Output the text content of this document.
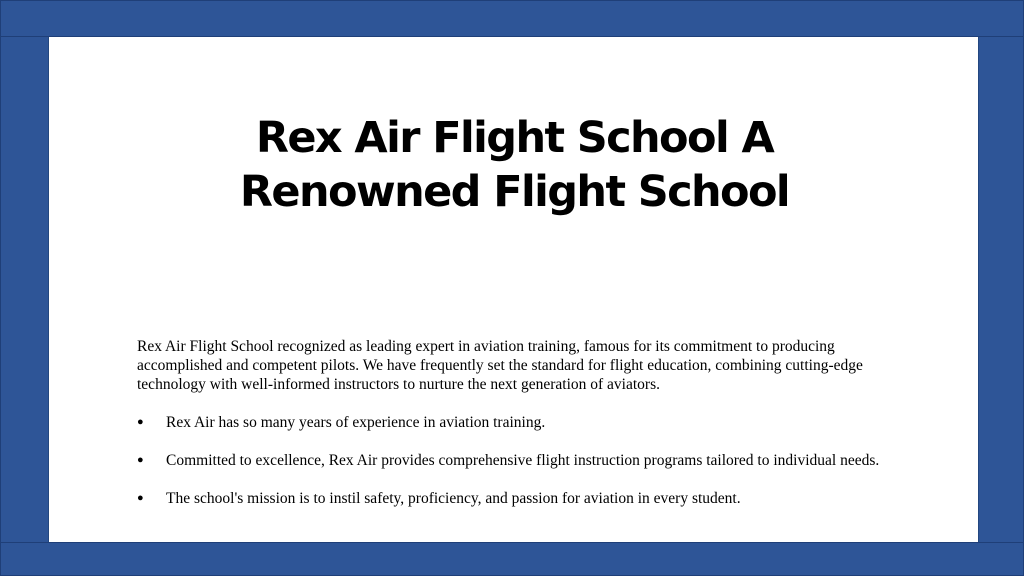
Rex Air Flight School A
Renowned Flight School

Rex Air Flight School recognized as leading expert in aviation training, famous for its commitment to producing accomplished and competent pilots. We have frequently set the standard for flight education, combining cutting-edge technology with well-informed instructors to nurture the next generation of aviators.

● Rex Air has so many years of experience in aviation training.
● Committed to excellence, Rex Air provides comprehensive flight instruction programs tailored to individual needs.
● The school's mission is to instil safety, proficiency, and passion for aviation in every student.
